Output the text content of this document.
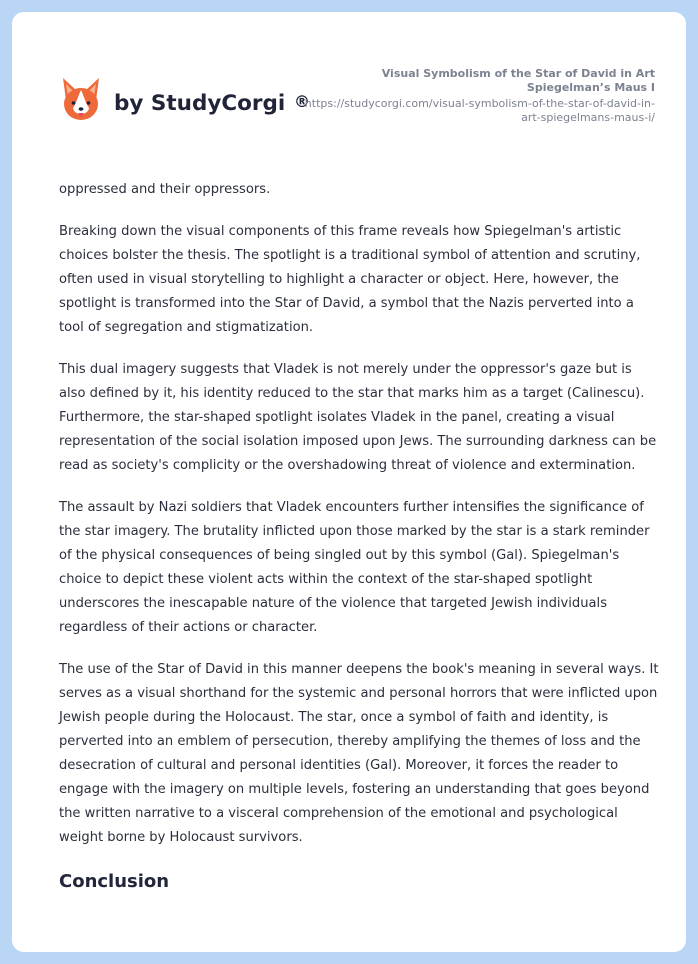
by StudyCorgi ®
Visual Symbolism of the Star of David in Art Spiegelman’s Maus I
https://studycorgi.com/visual-symbolism-of-the-star-of-david-in-art-spiegelmans-maus-i/

oppressed and their oppressors.

Breaking down the visual components of this frame reveals how Spiegelman's artistic choices bolster the thesis. The spotlight is a traditional symbol of attention and scrutiny, often used in visual storytelling to highlight a character or object. Here, however, the spotlight is transformed into the Star of David, a symbol that the Nazis perverted into a tool of segregation and stigmatization.

This dual imagery suggests that Vladek is not merely under the oppressor's gaze but is also defined by it, his identity reduced to the star that marks him as a target (Calinescu). Furthermore, the star-shaped spotlight isolates Vladek in the panel, creating a visual representation of the social isolation imposed upon Jews. The surrounding darkness can be read as society's complicity or the overshadowing threat of violence and extermination.

The assault by Nazi soldiers that Vladek encounters further intensifies the significance of the star imagery. The brutality inflicted upon those marked by the star is a stark reminder of the physical consequences of being singled out by this symbol (Gal). Spiegelman's choice to depict these violent acts within the context of the star-shaped spotlight underscores the inescapable nature of the violence that targeted Jewish individuals regardless of their actions or character.

The use of the Star of David in this manner deepens the book's meaning in several ways. It serves as a visual shorthand for the systemic and personal horrors that were inflicted upon Jewish people during the Holocaust. The star, once a symbol of faith and identity, is perverted into an emblem of persecution, thereby amplifying the themes of loss and the desecration of cultural and personal identities (Gal). Moreover, it forces the reader to engage with the imagery on multiple levels, fostering an understanding that goes beyond the written narrative to a visceral comprehension of the emotional and psychological weight borne by Holocaust survivors.

Conclusion
